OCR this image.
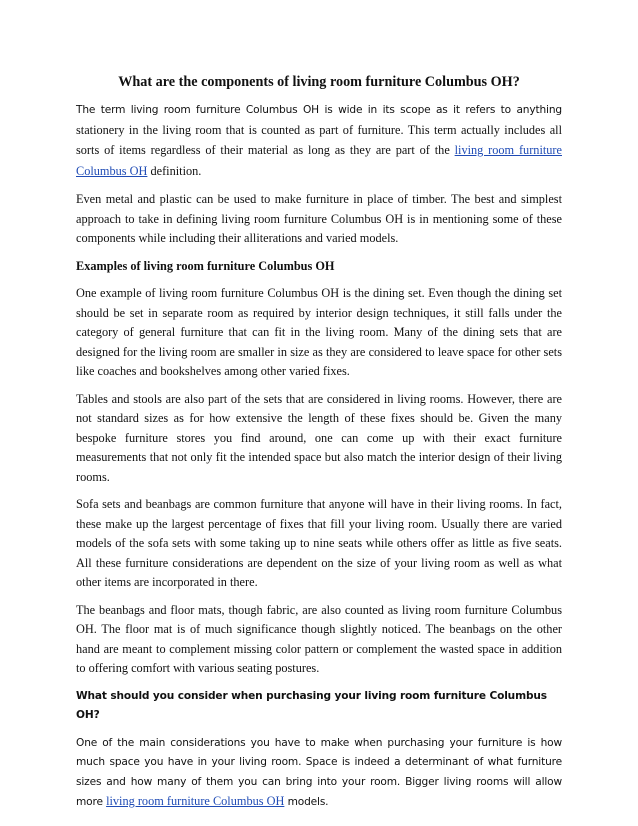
What are the components of living room furniture Columbus OH?

The term living room furniture Columbus OH is wide in its scope as it refers to anything stationery in the living room that is counted as part of furniture. This term actually includes all sorts of items regardless of their material as long as they are part of the living room furniture Columbus OH definition.

Even metal and plastic can be used to make furniture in place of timber. The best and simplest approach to take in defining living room furniture Columbus OH is in mentioning some of these components while including their alliterations and varied models.

Examples of living room furniture Columbus OH

One example of living room furniture Columbus OH is the dining set. Even though the dining set should be set in separate room as required by interior design techniques, it still falls under the category of general furniture that can fit in the living room. Many of the dining sets that are designed for the living room are smaller in size as they are considered to leave space for other sets like coaches and bookshelves among other varied fixes.

Tables and stools are also part of the sets that are considered in living rooms. However, there are not standard sizes as for how extensive the length of these fixes should be. Given the many bespoke furniture stores you find around, one can come up with their exact furniture measurements that not only fit the intended space but also match the interior design of their living rooms.

Sofa sets and beanbags are common furniture that anyone will have in their living rooms. In fact, these make up the largest percentage of fixes that fill your living room. Usually there are varied models of the sofa sets with some taking up to nine seats while others offer as little as five seats. All these furniture considerations are dependent on the size of your living room as well as what other items are incorporated in there.

The beanbags and floor mats, though fabric, are also counted as living room furniture Columbus OH. The floor mat is of much significance though slightly noticed. The beanbags on the other hand are meant to complement missing color pattern or complement the wasted space in addition to offering comfort with various seating postures.

What should you consider when purchasing your living room furniture Columbus OH?

One of the main considerations you have to make when purchasing your furniture is how much space you have in your living room. Space is indeed a determinant of what furniture sizes and how many of them you can bring into your room. Bigger living rooms will allow more living room furniture Columbus OH models.
